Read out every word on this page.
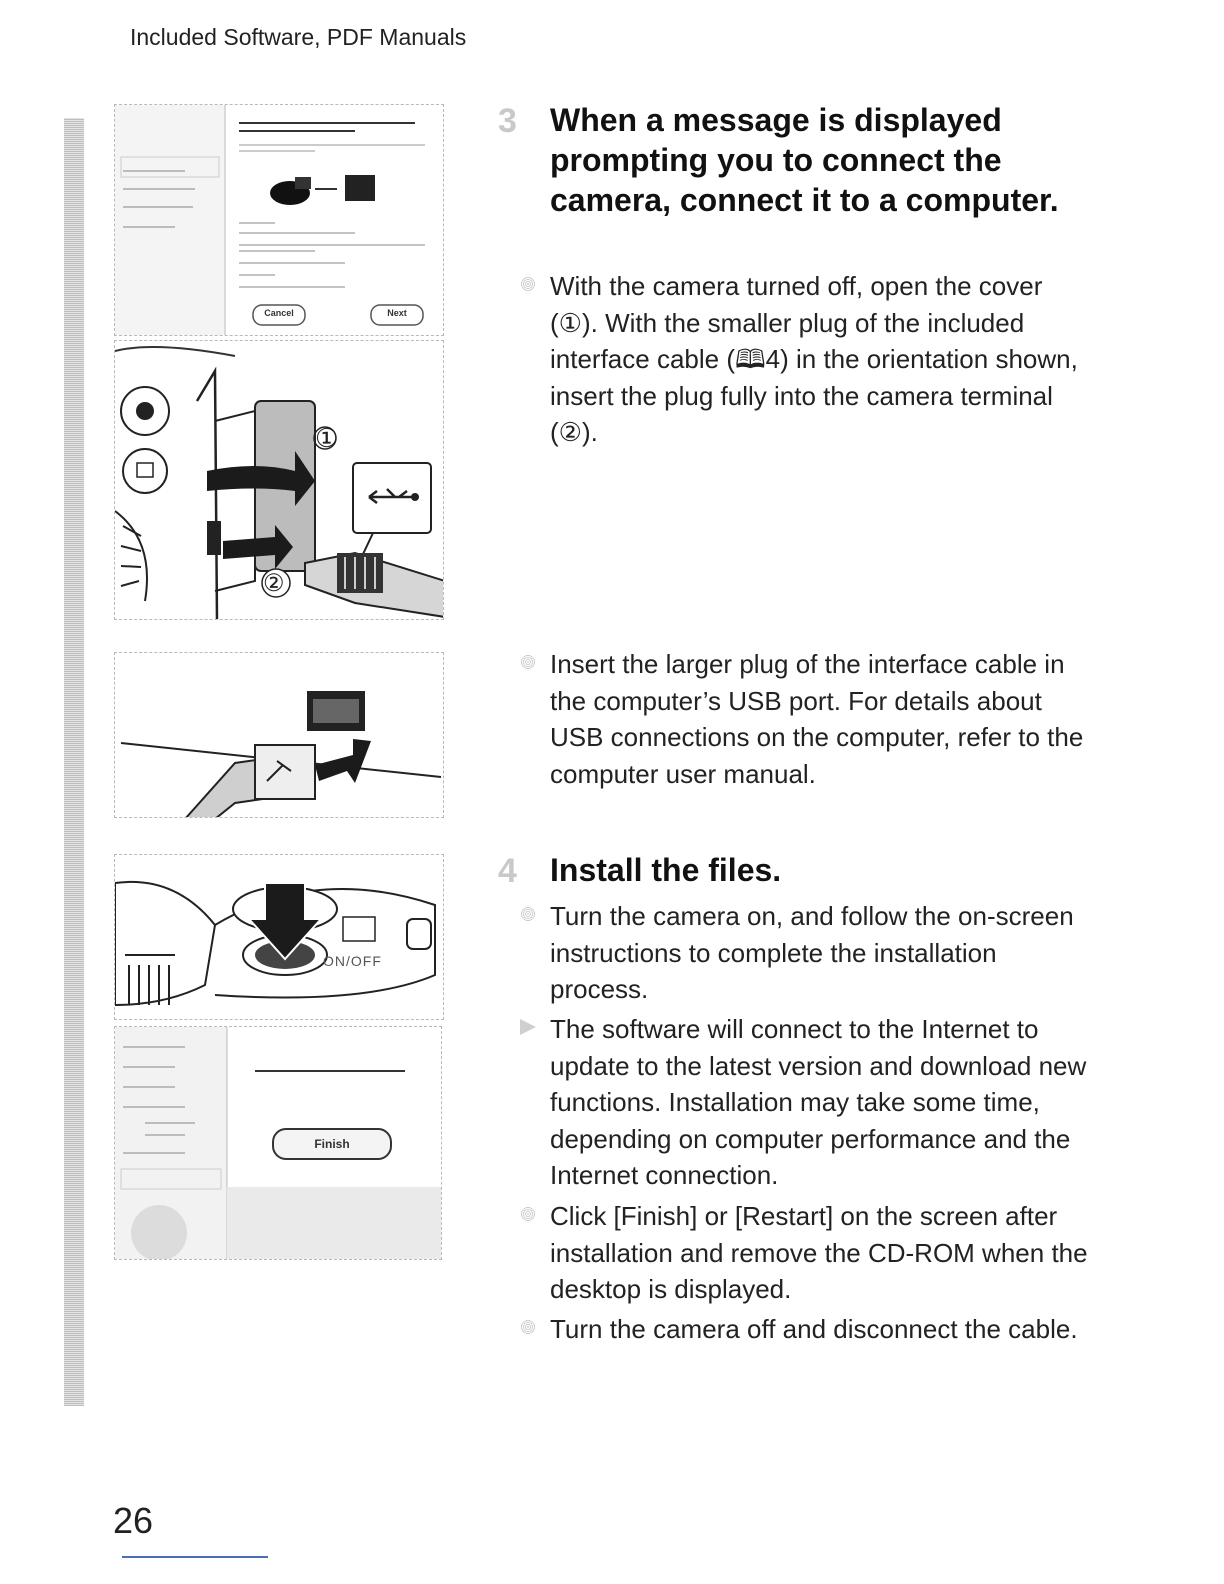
Included Software, PDF Manuals
Cancel	Next
①
②
ON/OFF
Finish
3 When a message is displayed prompting you to connect the camera, connect it to a computer.
With the camera turned off, open the cover (①). With the smaller plug of the included interface cable (🕮4) in the orientation shown, insert the plug fully into the camera terminal (②).
Insert the larger plug of the interface cable in the computer’s USB port. For details about USB connections on the computer, refer to the computer user manual.
4 Install the files.
Turn the camera on, and follow the on-screen instructions to complete the installation process.
The software will connect to the Internet to update to the latest version and download new functions. Installation may take some time, depending on computer performance and the Internet connection.
Click [Finish] or [Restart] on the screen after installation and remove the CD-ROM when the desktop is displayed.
Turn the camera off and disconnect the cable.
26
